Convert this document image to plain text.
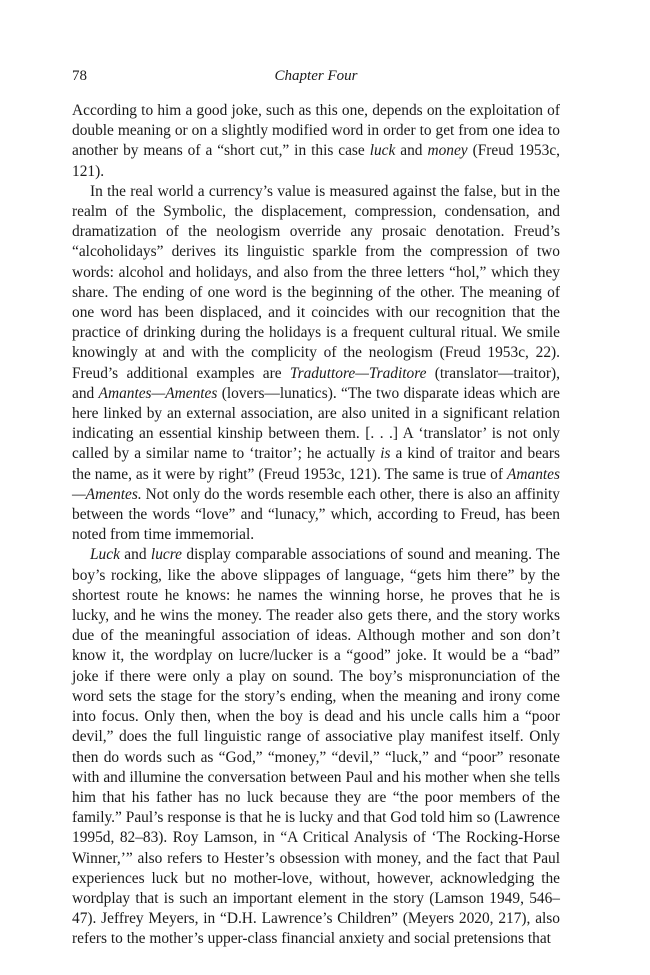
78	Chapter Four

According to him a good joke, such as this one, depends on the exploitation of double meaning or on a slightly modified word in order to get from one idea to another by means of a “short cut,” in this case luck and money (Freud 1953c, 121).

In the real world a currency’s value is measured against the false, but in the realm of the Symbolic, the displacement, compression, condensation, and dramatization of the neologism override any prosaic denotation. Freud’s “alcoholidays” derives its linguistic sparkle from the compression of two words: alcohol and holidays, and also from the three letters “hol,” which they share. The ending of one word is the beginning of the other. The meaning of one word has been displaced, and it coincides with our recognition that the practice of drinking during the holidays is a frequent cultural ritual. We smile knowingly at and with the complicity of the neologism (Freud 1953c, 22). Freud’s additional examples are Traduttore—Traditore (translator—traitor), and Amantes—Amentes (lovers—lunatics). “The two disparate ideas which are here linked by an external association, are also united in a significant relation indicating an essential kinship between them. [. . .] A ‘translator’ is not only called by a similar name to ‘traitor’; he actually is a kind of traitor and bears the name, as it were by right” (Freud 1953c, 121). The same is true of Amantes—Amentes. Not only do the words resemble each other, there is also an affinity between the words “love” and “lunacy,” which, according to Freud, has been noted from time immemorial.

Luck and lucre display comparable associations of sound and meaning. The boy’s rocking, like the above slippages of language, “gets him there” by the shortest route he knows: he names the winning horse, he proves that he is lucky, and he wins the money. The reader also gets there, and the story works due of the meaningful association of ideas. Although mother and son don’t know it, the wordplay on lucre/lucker is a “good” joke. It would be a “bad” joke if there were only a play on sound. The boy’s mispronunciation of the word sets the stage for the story’s ending, when the meaning and irony come into focus. Only then, when the boy is dead and his uncle calls him a “poor devil,” does the full linguistic range of associative play manifest itself. Only then do words such as “God,” “money,” “devil,” “luck,” and “poor” resonate with and illumine the conversation between Paul and his mother when she tells him that his father has no luck because they are “the poor members of the family.” Paul’s response is that he is lucky and that God told him so (Lawrence 1995d, 82–83). Roy Lamson, in “A Critical Analysis of ‘The Rocking-Horse Winner,’” also refers to Hester’s obsession with money, and the fact that Paul experiences luck but no mother-love, without, however, acknowledging the wordplay that is such an important element in the story (Lamson 1949, 546–47). Jeffrey Meyers, in “D.H. Lawrence’s Children” (Meyers 2020, 217), also refers to the mother’s upper-class financial anxiety and social pretensions that
